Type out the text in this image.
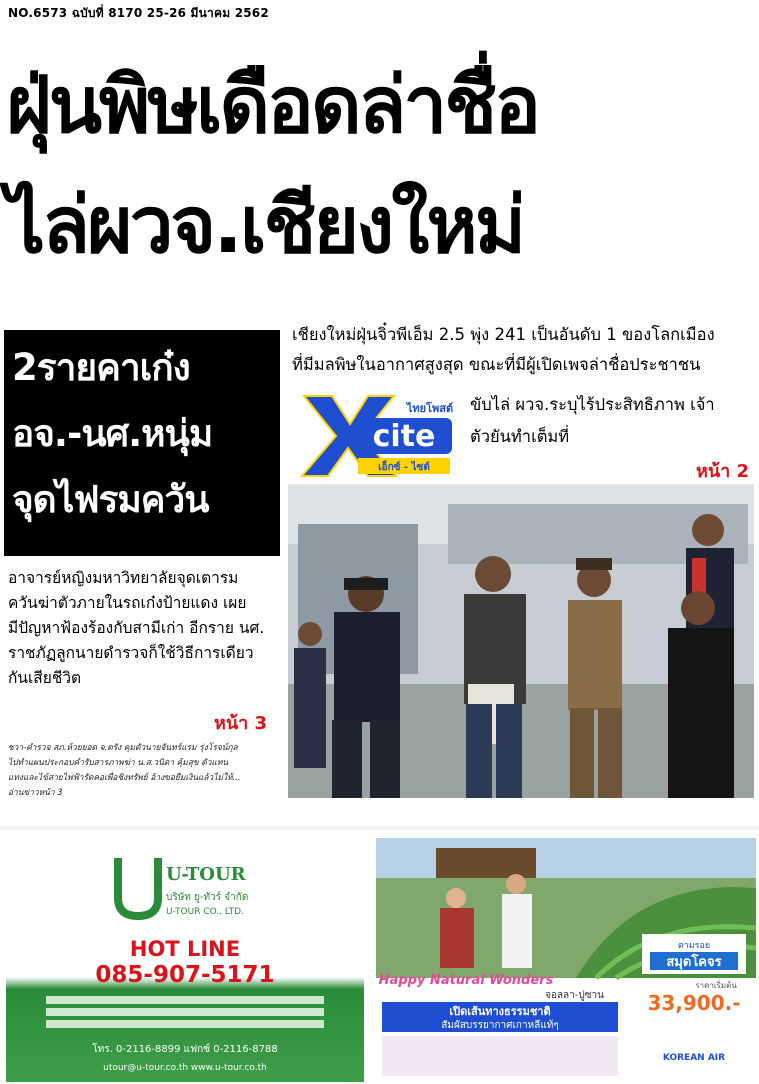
NO.6573 ฉบับที่ 8170 25-26 มีนาคม 2562
ฝุ่นพิษเดือดล่าชื่อ
ไล่ผวจ.เชียงใหม่
2รายคาเก๋ง
อจ.-นศ.หนุ่ม
จุดไฟรมควัน
อาจารย์หญิงมหาวิทยาลัยจุดเตารม
ควันฆ่าตัวภายในรถเก๋งป้ายแดง เผย
มีปัญหาฟ้องร้องกับสามีเก่า อีกราย นศ.
ราชภัฏลูกนายดำรวจก็ใช้วิธีการเดียว
กันเสียชีวิต
หน้า 3
เชียงใหม่ฝุ่นจิ๋วพีเอ็ม 2.5 พุ่ง 241 เป็นอันดับ 1 ของโลกเมือง
ที่มีมลพิษในอากาศสูงสุด ขณะที่มีผู้เปิดเพจล่าชื่อประชาชน
ขับไล่ ผวจ.ระบุไร้ประสิทธิภาพ เจ้า
ตัวยันทำเต็มที่
หน้า 2
cite
ไทยโพสต์
เอ็กซ์ - ไซต์
ชวา-คำรวจ สภ.ห้วยยอด จ.ตรัง คุมตัวนายจันทร์แรม รุ่งโรจน์กุล
ไปทำแผนประกอบคำรับสารภาพฆ่า น.ส.วนิดา คุ้มสุข ตัวแทน
แทงและไข้สายไฟฟ้ารัดคอเพื่อชิงทรัพย์ อ้างขอยืมเงินแล้วไม่ให้...
อ่านข่าวหน้า 3
U-TOUR
บริษัท ยู-ทัวร์ จำกัด
U-TOUR CO., LTD.
HOT LINE
085-907-5171
โทร. 0-2116-8899 แฟกซ์ 0-2116-8788
utour@u-tour.co.th www.u-tour.co.th
ตามรอย
สมุดโคจร
Happy Natural Wonders
จอลลา-ปูซาน
เปิดเส้นทางธรรมชาติ
สัมผัสบรรยากาศเกาหลีแท้ๆ
ราคาเริ่มต้น
33,900.-
KOREAN AIR
